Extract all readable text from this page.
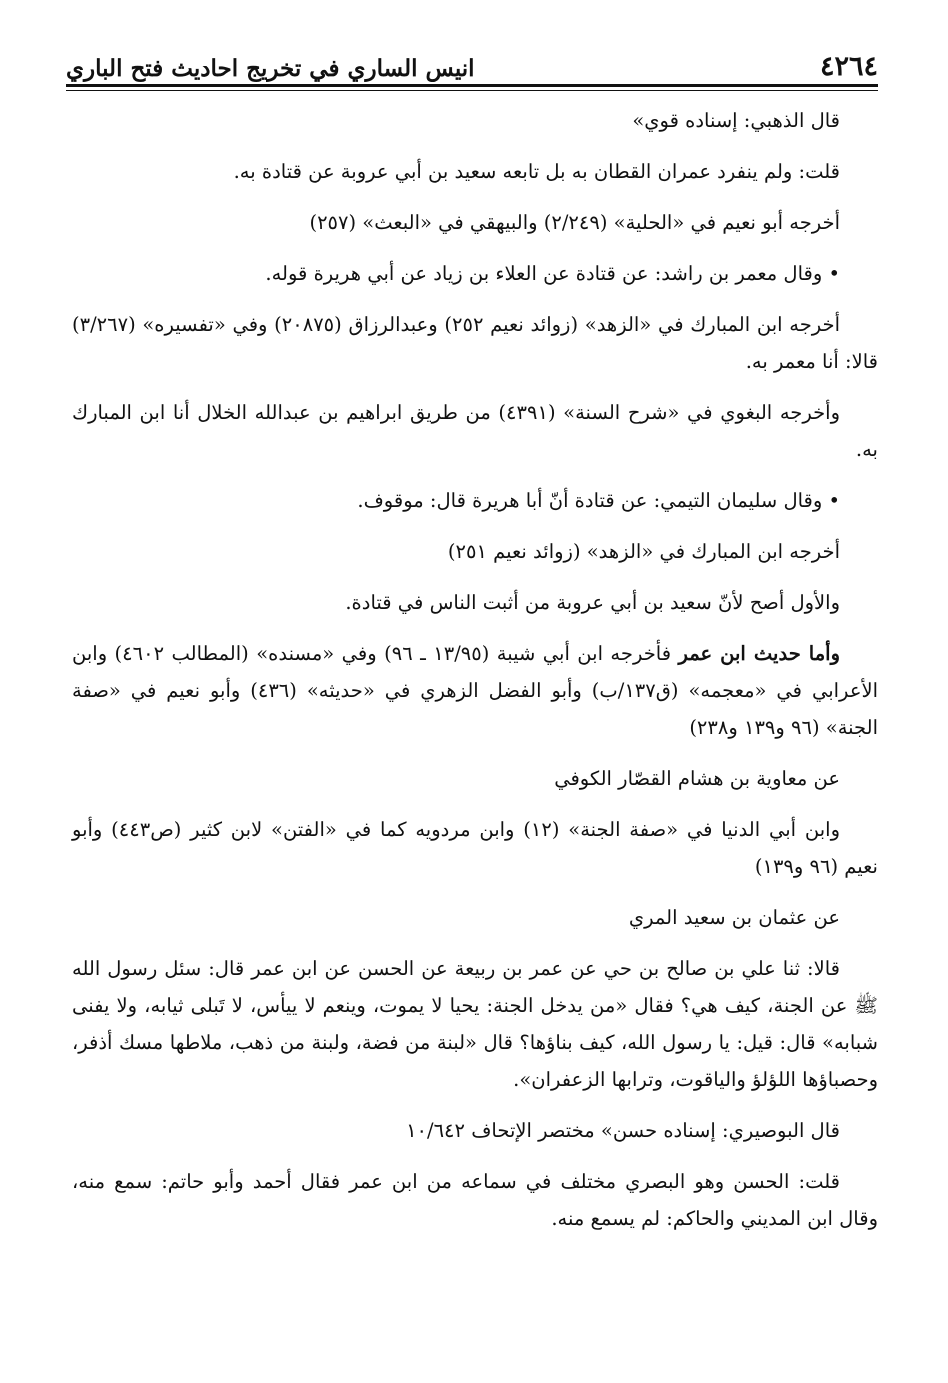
٤٢٦٤
انيس الساري في تخريج احاديث فتح الباري

قال الذهبي: إسناده قوي»

قلت: ولم ينفرد عمران القطان به بل تابعه سعيد بن أبي عروبة عن قتادة به.

أخرجه أبو نعيم في «الحلية» (٢/٢٤٩) والبيهقي في «البعث» (٢٥٧)

• وقال معمر بن راشد: عن قتادة عن العلاء بن زياد عن أبي هريرة قوله.

أخرجه ابن المبارك في «الزهد» (زوائد نعيم ٢٥٢) وعبدالرزاق (٢٠٨٧٥) وفي «تفسيره» (٣/٢٦٧) قالا: أنا معمر به.

وأخرجه البغوي في «شرح السنة» (٤٣٩١) من طريق ابراهيم بن عبدالله الخلال أنا ابن المبارك به.

• وقال سليمان التيمي: عن قتادة أنّ أبا هريرة قال: موقوف.

أخرجه ابن المبارك في «الزهد» (زوائد نعيم ٢٥١)

والأول أصح لأنّ سعيد بن أبي عروبة من أثبت الناس في قتادة.

وأما حديث ابن عمر فأخرجه ابن أبي شيبة (١٣/٩٥ ـ ٩٦) وفي «مسنده» (المطالب ٤٦٠٢) وابن الأعرابي في «معجمه» (ق١٣٧/ب) وأبو الفضل الزهري في «حديثه» (٤٣٦) وأبو نعيم في «صفة الجنة» (٩٦ و١٣٩ و٢٣٨)

عن معاوية بن هشام القصّار الكوفي

وابن أبي الدنيا في «صفة الجنة» (١٢) وابن مردويه كما في «الفتن» لابن كثير (ص٤٤٣) وأبو نعيم (٩٦ و١٣٩)

عن عثمان بن سعيد المري

قالا: ثنا علي بن صالح بن حي عن عمر بن ربيعة عن الحسن عن ابن عمر قال: سئل رسول الله ﷺ عن الجنة، كيف هي؟ فقال «من يدخل الجنة: يحيا لا يموت، وينعم لا ييأس، لا تَبلى ثيابه، ولا يفنى شبابه» قال: قيل: يا رسول الله، كيف بناؤها؟ قال «لبنة من فضة، ولبنة من ذهب، ملاطها مسك أذفر، وحصباؤها اللؤلؤ والياقوت، وترابها الزعفران».

قال البوصيري: إسناده حسن» مختصر الإتحاف ١٠/٦٤٢

قلت: الحسن وهو البصري مختلف في سماعه من ابن عمر فقال أحمد وأبو حاتم: سمع منه، وقال ابن المديني والحاكم: لم يسمع منه.
